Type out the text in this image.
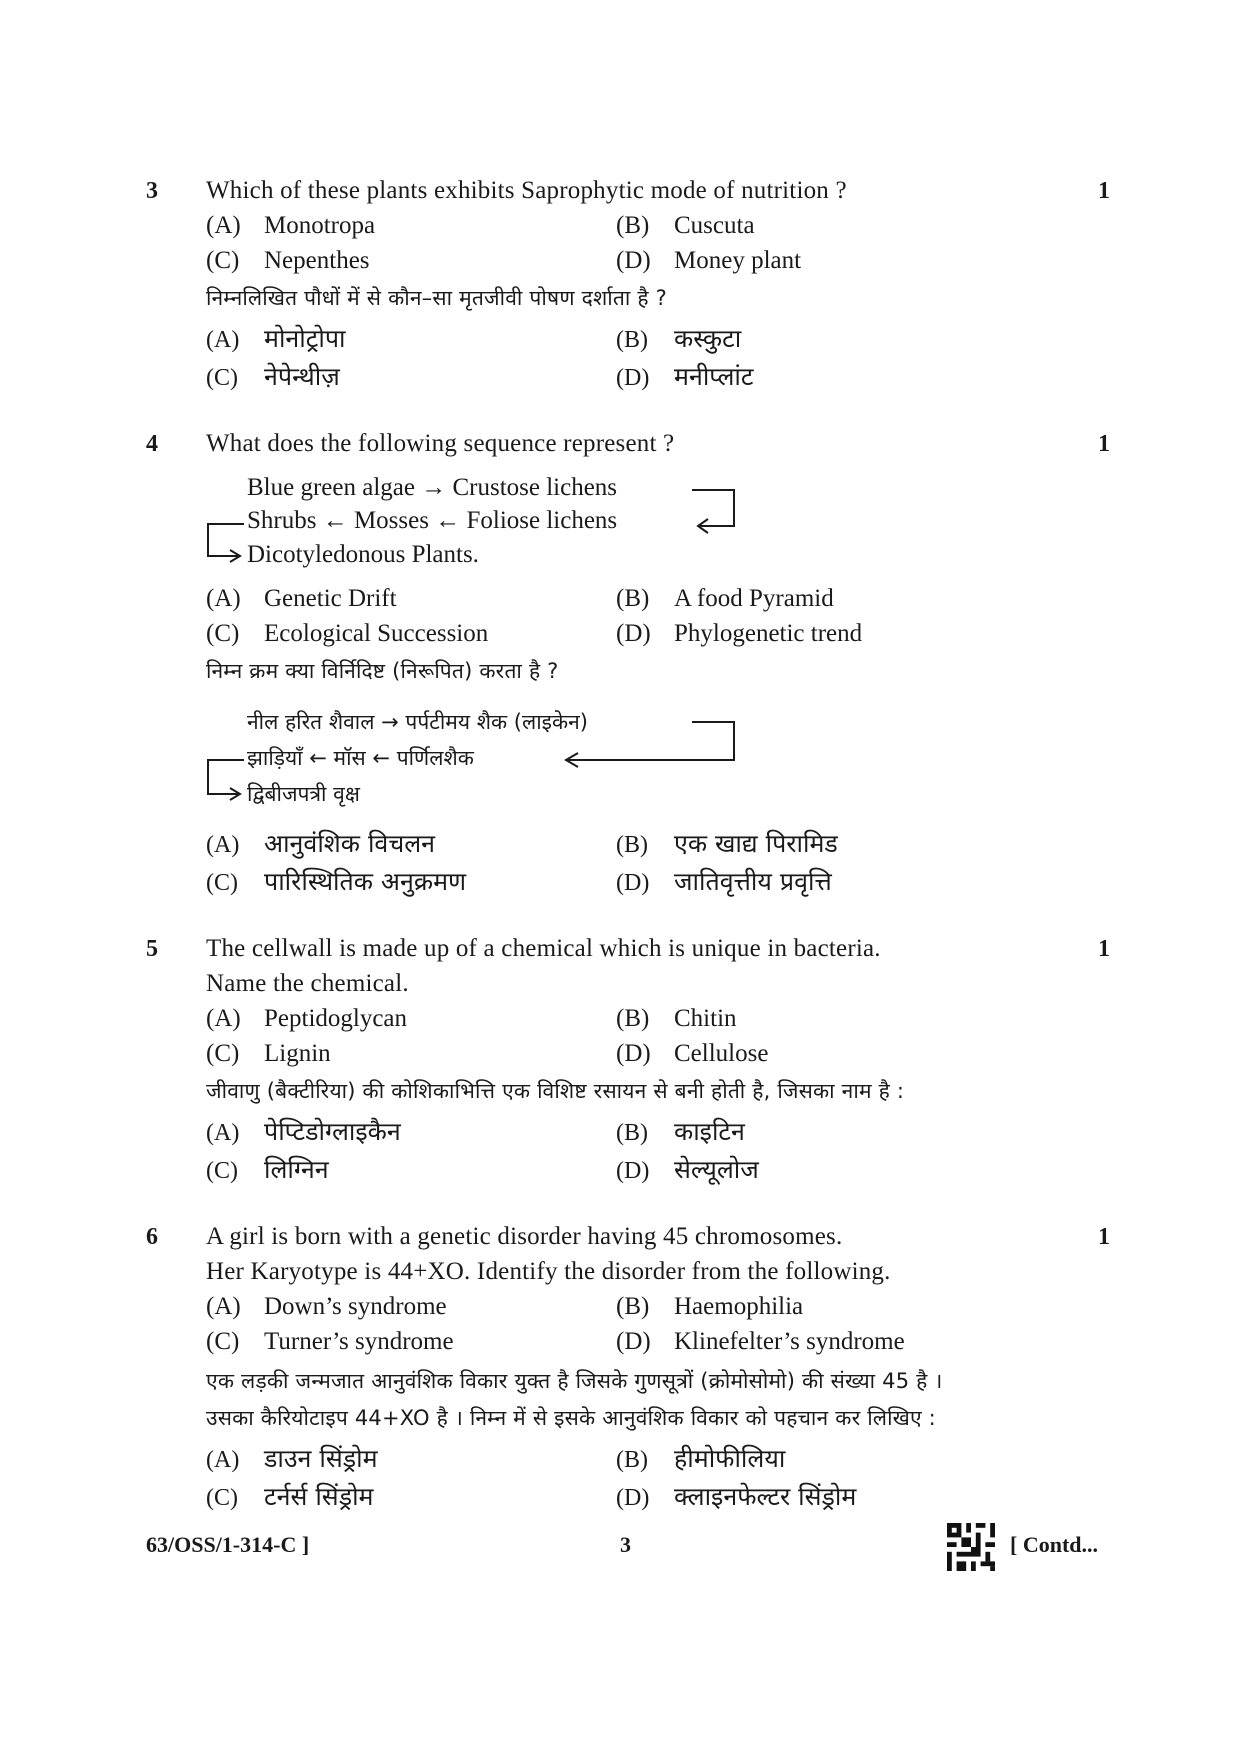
3	1
Which of these plants exhibits Saprophytic mode of nutrition ?
(A) Monotropa	(B) Cuscuta
(C) Nepenthes	(D) Money plant
निम्नलिखित पौधों में से कौन–सा मृतजीवी पोषण दर्शाता है ?
(A) मोनोट्रोपा	(B) कस्कुटा
(C) नेपेन्थीज़	(D) मनीप्लांट
4	1
What does the following sequence represent ?
Blue green algae → Crustose lichens
Shrubs ← Mosses ← Foliose lichens
Dicotyledonous Plants.
(A) Genetic Drift	(B) A food Pyramid
(C) Ecological Succession	(D) Phylogenetic trend
निम्न क्रम क्या विर्निदिष्ट (निरूपित) करता है ?
नील हरित शैवाल → पर्पटीमय शैक (लाइकेन)
झाड़ियाँ ← मॉस ← पर्णिलशैक
द्विबीजपत्री वृक्ष
(A) आनुवंशिक विचलन	(B) एक खाद्य पिरामिड
(C) पारिस्थितिक अनुक्रमण	(D) जातिवृत्तीय प्रवृत्ति
5	1
The cellwall is made up of a chemical which is unique in bacteria.
Name the chemical.
(A) Peptidoglycan	(B) Chitin
(C) Lignin	(D) Cellulose
जीवाणु (बैक्टीरिया) की कोशिकाभित्ति एक विशिष्ट रसायन से बनी होती है, जिसका नाम है :
(A) पेप्टिडोग्लाइकैन	(B) काइटिन
(C) लिग्निन	(D) सेल्यूलोज
6	1
A girl is born with a genetic disorder having 45 chromosomes.
Her Karyotype is 44+XO. Identify the disorder from the following.
(A) Down’s syndrome	(B) Haemophilia
(C) Turner’s syndrome	(D) Klinefelter’s syndrome
एक लड़की जन्मजात आनुवंशिक विकार युक्त है जिसके गुणसूत्रों (क्रोमोसोमो) की संख्या 45 है ।
उसका कैरियोटाइप 44+XO है । निम्न में से इसके आनुवंशिक विकार को पहचान कर लिखिए :
(A) डाउन सिंड्रोम	(B) हीमोफीलिया
(C) टर्नर्स सिंड्रोम	(D) क्लाइनफेल्टर सिंड्रोम
63/OSS/1-314-C ]	3	[ Contd...
